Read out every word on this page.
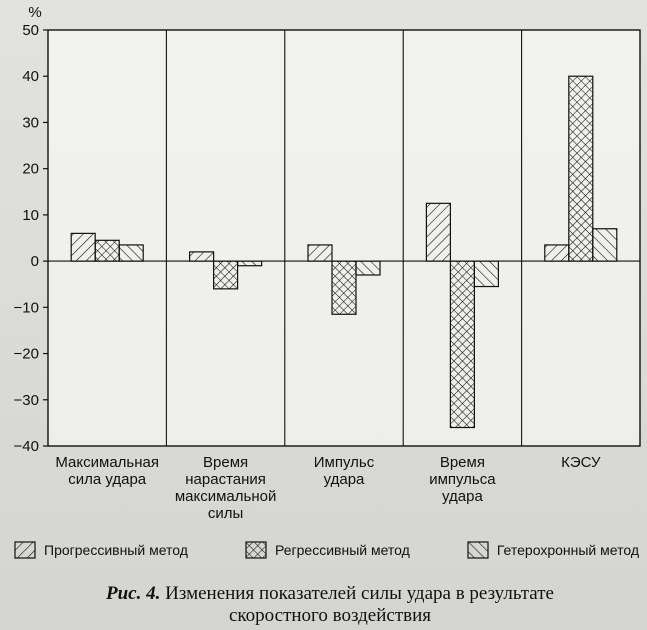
−40
−30
−20
−10
0
10
20
30
40
50
%
Максимальная
сила удара
Время
нарастания
максимальной
силы
Импульс
удара
Время
импульса
удара
КЭСУ
Прогрессивный метод	Регрессивный метод	Гетерохронный метод
Рис. 4. Изменения показателей силы удара в результате
скоростного воздействия
